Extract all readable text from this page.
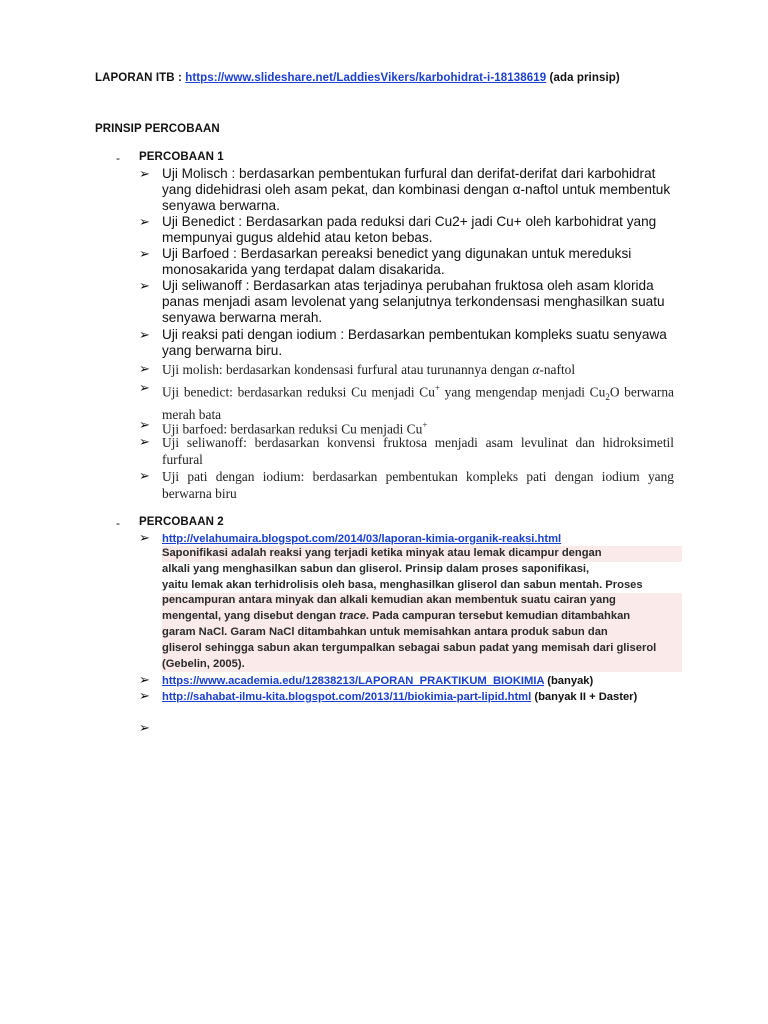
LAPORAN ITB : https://www.slideshare.net/LaddiesVikers/karbohidrat-i-18138619 (ada prinsip)
PRINSIP PERCOBAAN
- PERCOBAAN 1
➢ Uji Molisch : berdasarkan pembentukan furfural dan derifat-derifat dari karbohidrat yang didehidrasi oleh asam pekat, dan kombinasi dengan α-naftol untuk membentuk senyawa berwarna.
➢ Uji Benedict : Berdasarkan pada reduksi dari Cu2+ jadi Cu+ oleh karbohidrat yang mempunyai gugus aldehid atau keton bebas.
➢ Uji Barfoed : Berdasarkan pereaksi benedict yang digunakan untuk mereduksi monosakarida yang terdapat dalam disakarida.
➢ Uji seliwanoff : Berdasarkan atas terjadinya perubahan fruktosa oleh asam klorida panas menjadi asam levolenat yang selanjutnya terkondensasi menghasilkan suatu senyawa berwarna merah.
➢ Uji reaksi pati dengan iodium : Berdasarkan pembentukan kompleks suatu senyawa yang berwarna biru.
➢ Uji molish: berdasarkan kondensasi furfural atau turunannya dengan α-naftol
➢ Uji benedict: berdasarkan reduksi Cu menjadi Cu+ yang mengendap menjadi $Cu_2O$ berwarna merah bata
➢ Uji barfoed: berdasarkan reduksi Cu menjadi Cu+
➢ Uji seliwanoff: berdasarkan konvensi fruktosa menjadi asam levulinat dan hidroksimetil furfural
➢ Uji pati dengan iodium: berdasarkan pembentukan kompleks pati dengan iodium yang berwarna biru
- PERCOBAAN 2
➢ http://velahumaira.blogspot.com/2014/03/laporan-kimia-organik-reaksi.html
Saponifikasi adalah reaksi yang terjadi ketika minyak atau lemak dicampur dengan
alkali yang menghasilkan sabun dan gliserol. Prinsip dalam proses saponifikasi,
yaitu lemak akan terhidrolisis oleh basa, menghasilkan gliserol dan sabun mentah. Proses
pencampuran antara minyak dan alkali kemudian akan membentuk suatu cairan yang
mengental, yang disebut dengan trace. Pada campuran tersebut kemudian ditambahkan
garam NaCl. Garam NaCl ditambahkan untuk memisahkan antara produk sabun dan
gliserol sehingga sabun akan tergumpalkan sebagai sabun padat yang memisah dari gliserol
(Gebelin, 2005).
➢ https://www.academia.edu/12838213/LAPORAN_PRAKTIKUM_BIOKIMIA (banyak)
➢ http://sahabat-ilmu-kita.blogspot.com/2013/11/biokimia-part-lipid.html (banyak II + Daster)
➢
